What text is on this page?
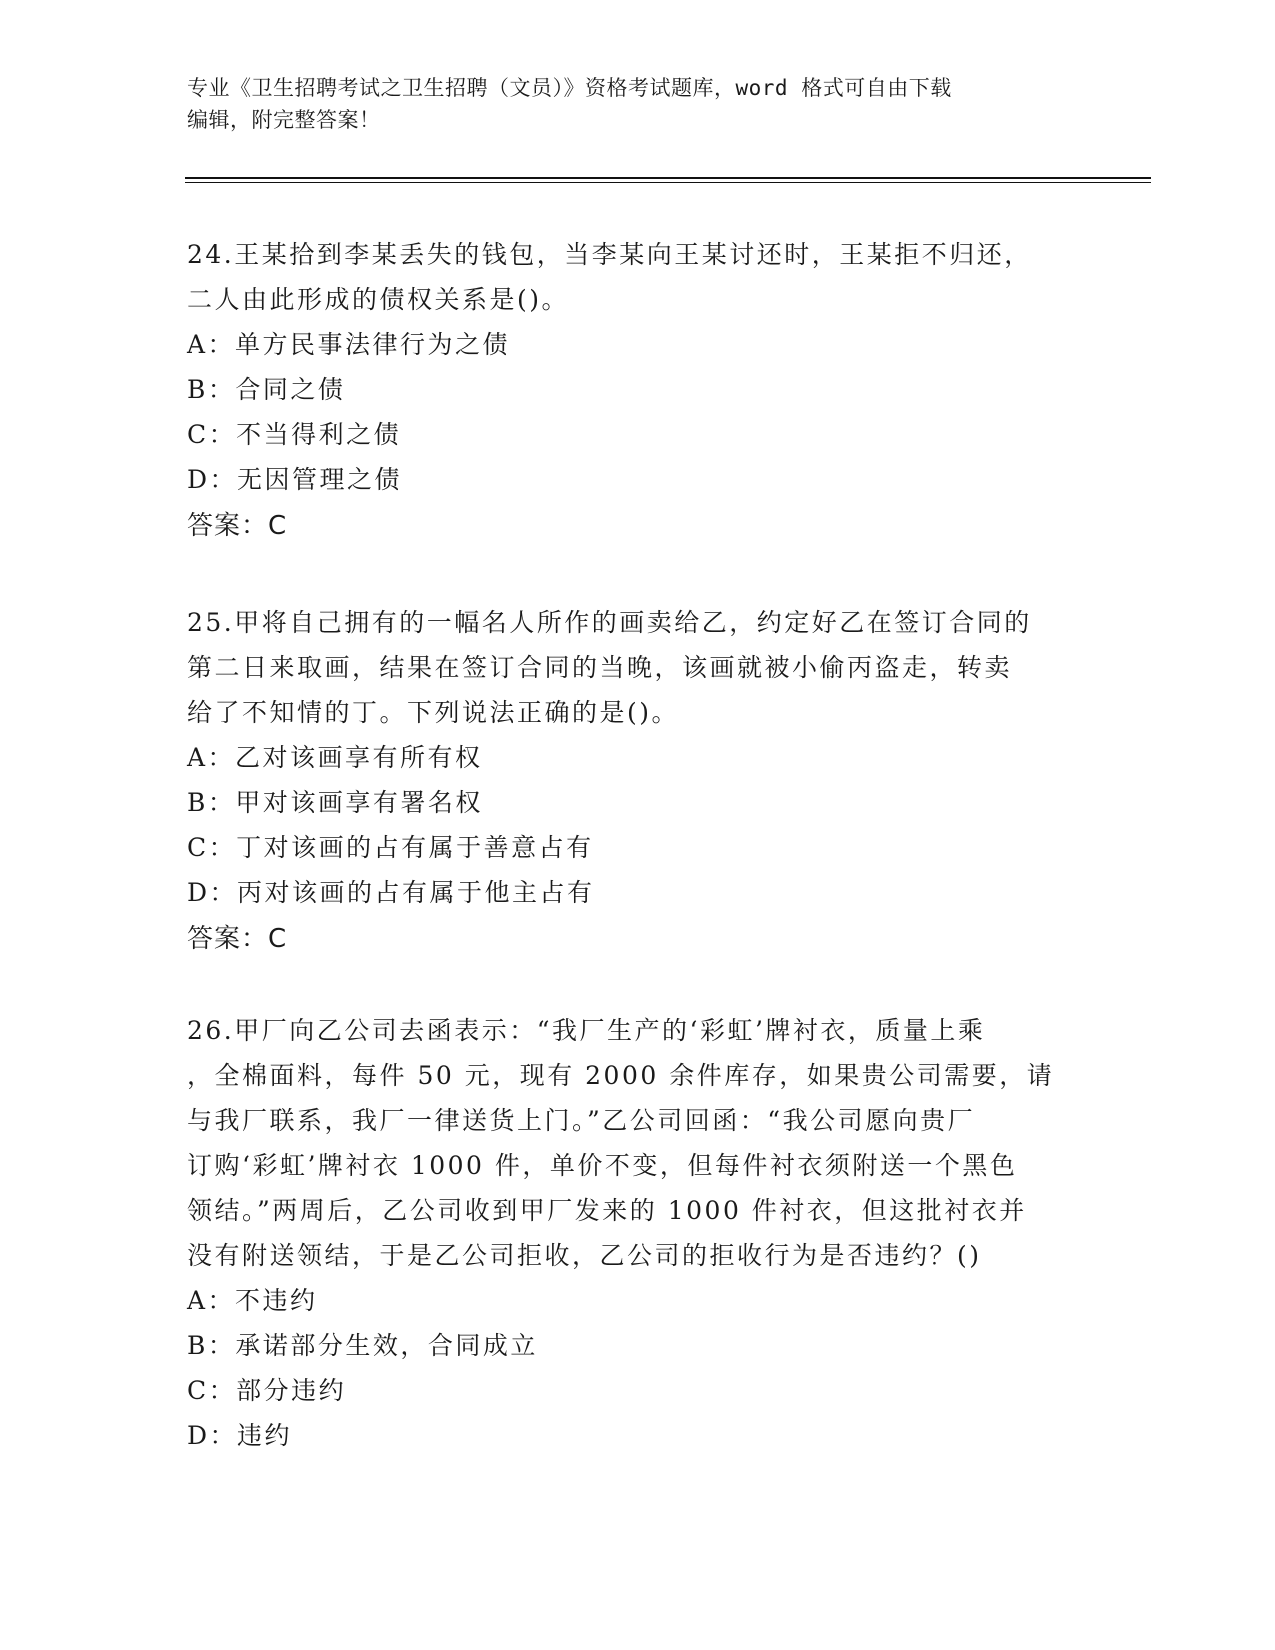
专业《卫生招聘考试之卫生招聘（文员）》资格考试题库，word 格式可自由下载
编辑，附完整答案！
24.王某拾到李某丢失的钱包，当李某向王某讨还时，王某拒不归还，
二人由此形成的债权关系是()。
A：单方民事法律行为之债
B：合同之债
C：不当得利之债
D：无因管理之债
答案：C
25.甲将自己拥有的一幅名人所作的画卖给乙，约定好乙在签订合同的
第二日来取画，结果在签订合同的当晚，该画就被小偷丙盗走，转卖
给了不知情的丁。下列说法正确的是()。
A：乙对该画享有所有权
B：甲对该画享有署名权
C：丁对该画的占有属于善意占有
D：丙对该画的占有属于他主占有
答案：C
26.甲厂向乙公司去函表示：“我厂生产的‘彩虹’牌衬衣，质量上乘
，全棉面料，每件 50 元，现有 2000 余件库存，如果贵公司需要，请
与我厂联系，我厂一律送货上门。”乙公司回函：“我公司愿向贵厂
订购‘彩虹’牌衬衣 1000 件，单价不变，但每件衬衣须附送一个黑色
领结。”两周后，乙公司收到甲厂发来的 1000 件衬衣，但这批衬衣并
没有附送领结，于是乙公司拒收，乙公司的拒收行为是否违约？()
A：不违约
B：承诺部分生效，合同成立
C：部分违约
D：违约
